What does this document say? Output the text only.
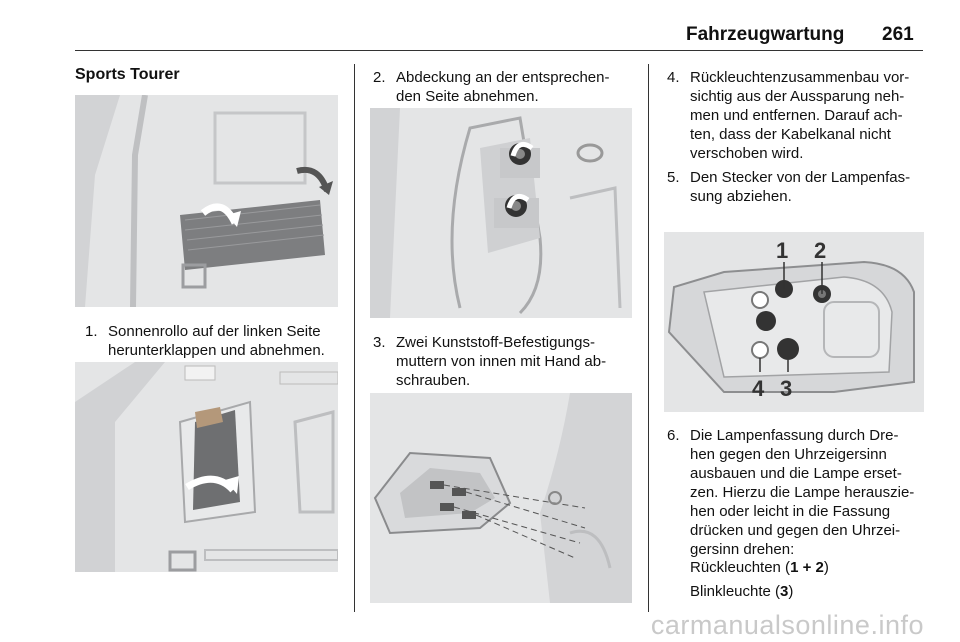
Fahrzeugwartung 261
Sports Tourer
1. Sonnenrollo auf der linken Seite
herunterklappen und abnehmen.
2. Abdeckung an der entsprechen-
den Seite abnehmen.
3. Zwei Kunststoff-Befestigungs-
muttern von innen mit Hand ab-
schrauben.
4. Rückleuchtenzusammenbau vor-
sichtig aus der Aussparung neh-
men und entfernen. Darauf ach-
ten, dass der Kabelkanal nicht
verschoben wird.
5. Den Stecker von der Lampenfas-
sung abziehen.
1 2
4 3
6. Die Lampenfassung durch Dre-
hen gegen den Uhrzeigersinn
ausbauen und die Lampe erset-
zen. Hierzu die Lampe herauszie-
hen oder leicht in die Fassung
drücken und gegen den Uhrzei-
gersinn drehen:
Rückleuchten (1 + 2)
Blinkleuchte (3)
carmanualsonline.info
